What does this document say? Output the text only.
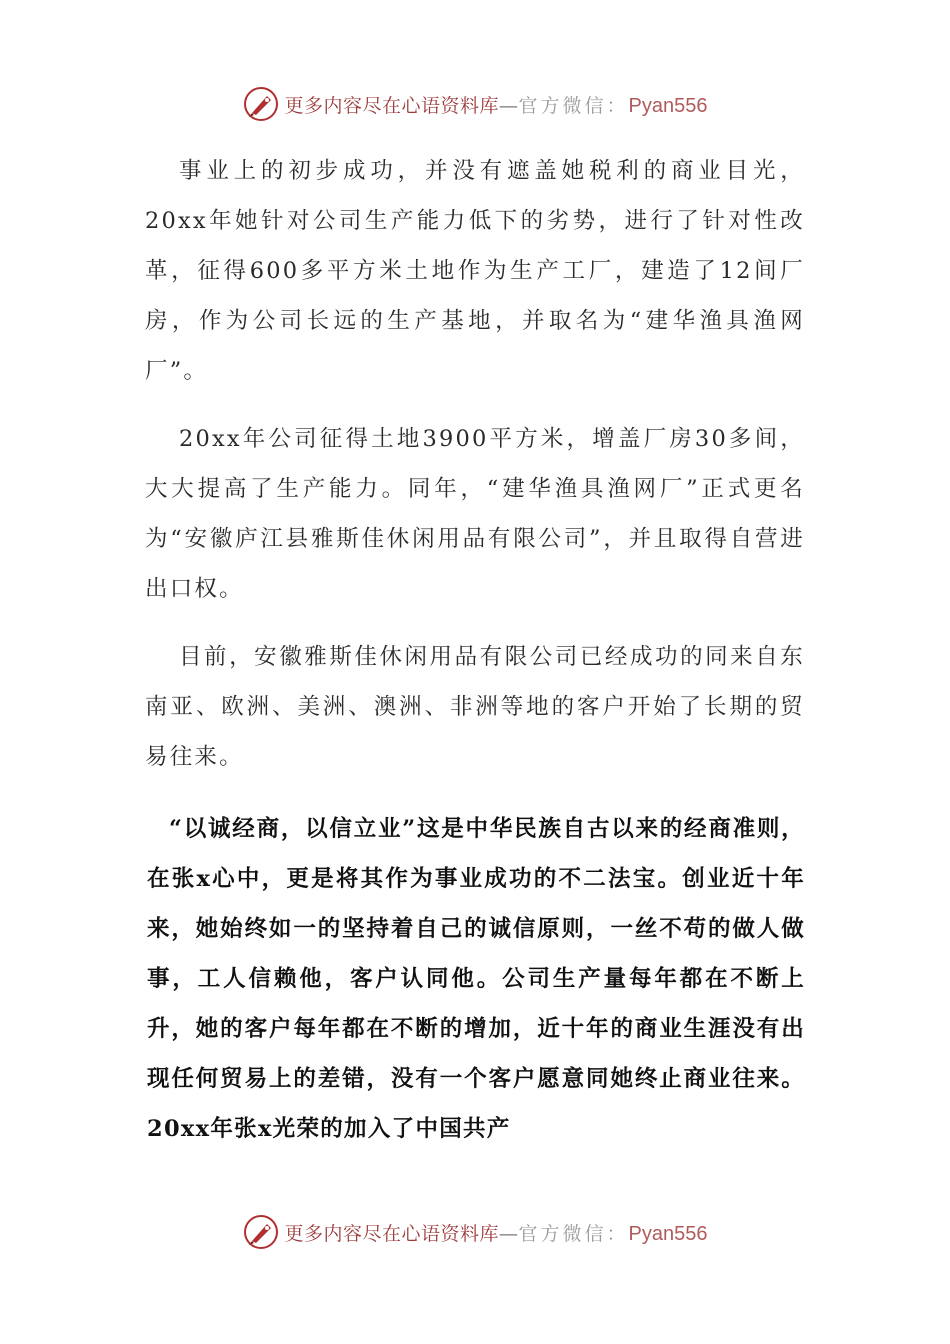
更多内容尽在心语资料库—官方微信：Pyan556

事业上的初步成功，并没有遮盖她税利的商业目光，20xx年她针对公司生产能力低下的劣势，进行了针对性改革，征得600多平方米土地作为生产工厂，建造了12间厂房，作为公司长远的生产基地，并取名为“建华渔具渔网厂”。

20xx年公司征得土地3900平方米，增盖厂房30多间，大大提高了生产能力。同年，“建华渔具渔网厂”正式更名为“安徽庐江县雅斯佳休闲用品有限公司”，并且取得自营进出口权。

目前，安徽雅斯佳休闲用品有限公司已经成功的同来自东南亚、欧洲、美洲、澳洲、非洲等地的客户开始了长期的贸易往来。

“以诚经商，以信立业”这是中华民族自古以来的经商准则，在张x心中，更是将其作为事业成功的不二法宝。创业近十年来，她始终如一的坚持着自己的诚信原则，一丝不苟的做人做事，工人信赖他，客户认同他。公司生产量每年都在不断上升，她的客户每年都在不断的增加，近十年的商业生涯没有出现任何贸易上的差错，没有一个客户愿意同她终止商业往来。20xx年张x光荣的加入了中国共产

更多内容尽在心语资料库—官方微信：Pyan556
